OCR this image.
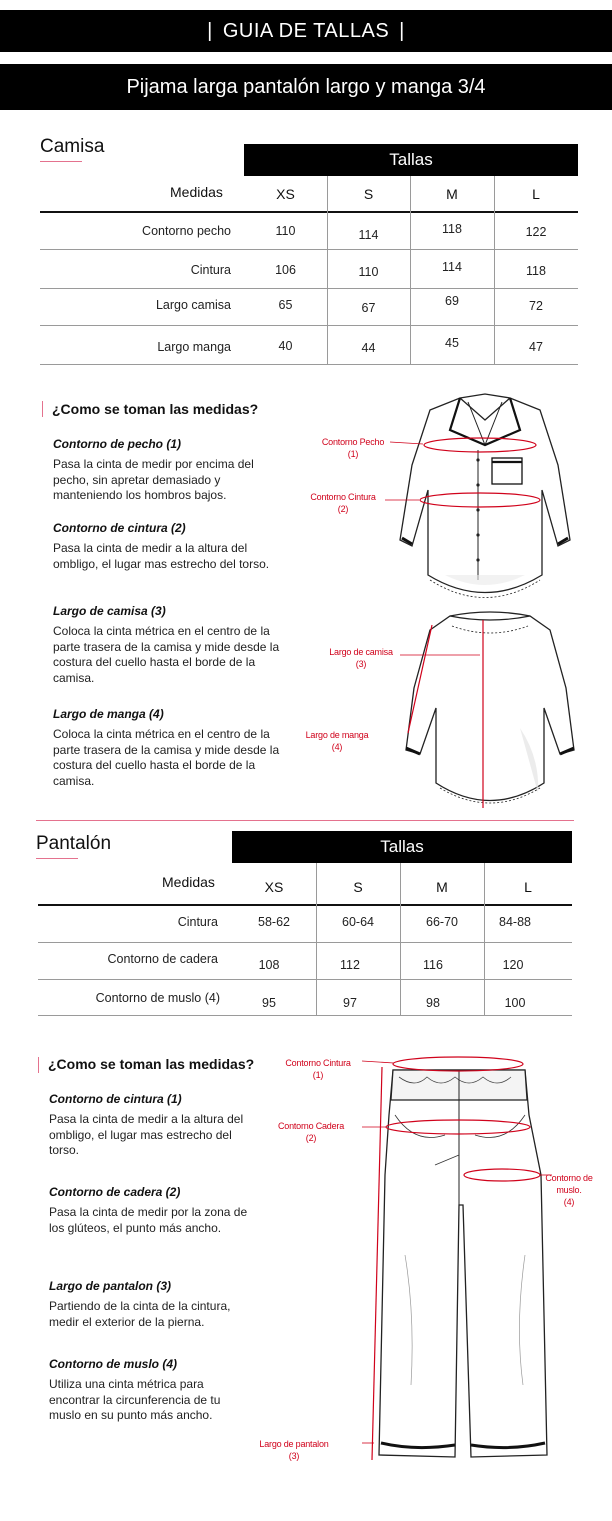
| GUIA DE TALLAS |
Pijama larga pantalón largo y manga 3/4
Camisa
Tallas
Medidas	XS	S	M	L
Contorno pecho	110	114	118	122
Cintura	106	110	114	118
Largo camisa	65	67	69	72
Largo manga	40	44	45	47
¿Como se toman las medidas?
Contorno de pecho (1)
Pasa la cinta de medir por encima del pecho, sin apretar demasiado y manteniendo los hombros bajos.
Contorno de cintura (2)
Pasa la cinta de medir a la altura del ombligo, el lugar mas estrecho del torso.
Largo de camisa (3)
Coloca la cinta métrica en el centro de la parte trasera de la camisa y mide desde la costura del cuello hasta el borde de la camisa.
Largo de manga (4)
Coloca la cinta métrica en el centro de la parte trasera de la camisa y mide desde la costura del cuello hasta el borde de la camisa.
Contorno Pecho
(1)
Contorno Cintura
(2)
Largo de camisa
(3)
Largo de manga
(4)
Pantalón	Tallas
Medidas	XS	S	M	L
Cintura	58-62	60-64	66-70	84-88
Contorno de cadera	108	112	116	120
Contorno de muslo (4)	95	97	98	100
¿Como se toman las medidas?
Contorno de cintura (1)
Pasa la cinta de medir a la altura del ombligo, el lugar mas estrecho del torso.
Contorno de cadera (2)
Pasa la cinta de medir por la zona de los glúteos, el punto más ancho.
Largo de pantalon (3)
Partiendo de la cinta de la cintura, medir el exterior de la pierna.
Contorno de muslo (4)
Utiliza una cinta métrica para encontrar la circunferencia de tu muslo en su punto más ancho.
Contorno Cintura
(1)
Contorno Cadera
(2)
Contorno de muslo.
(4)
Largo de pantalon
(3)
